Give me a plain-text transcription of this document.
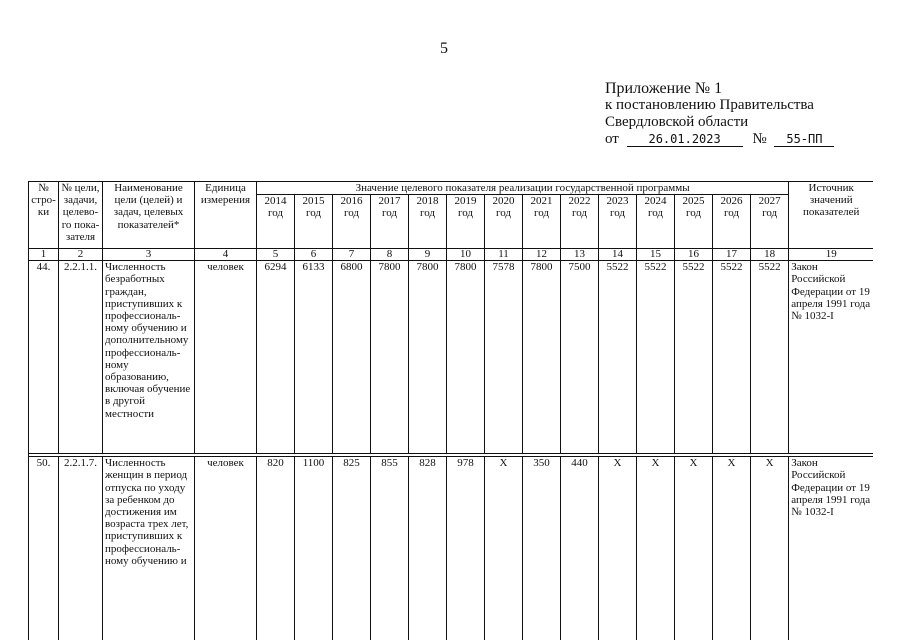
5
Приложение № 1
к постановлению Правительства
Свердловской области
от 26.01.2023 № 55-ПП
№ стро-ки	№ цели, задачи, целево-го пока-зателя	Наименование цели (целей) и задач, целевых показателей*	Единица измерения	Значение целевого показателя реализации государственной программы														Источник значений показателей
				2014 год	2015 год	2016 год	2017 год	2018 год	2019 год	2020 год	2021 год	2022 год	2023 год	2024 год	2025 год	2026 год	2027 год	
1	2	3	4	5	6	7	8	9	10	11	12	13	14	15	16	17	18	19
44.	2.2.1.1.	Численность безработных граждан, приступивших к профессиональ-ному обучению и дополнительному профессиональ-ному образованию, включая обучение в другой местности	человек	6294	6133	6800	7800	7800	7800	7578	7800	7500	5522	5522	5522	5522	5522	Закон Российской Федерации от 19 апреля 1991 года № 1032-I

50.	2.2.1.7.	Численность женщин в период отпуска по уходу за ребенком до достижения им возраста трех лет, приступивших к профессиональ-ному обучению и	человек	820	1100	825	855	828	978	X	350	440	X	X	X	X	X	Закон Российской Федерации от 19 апреля 1991 года № 1032-I
